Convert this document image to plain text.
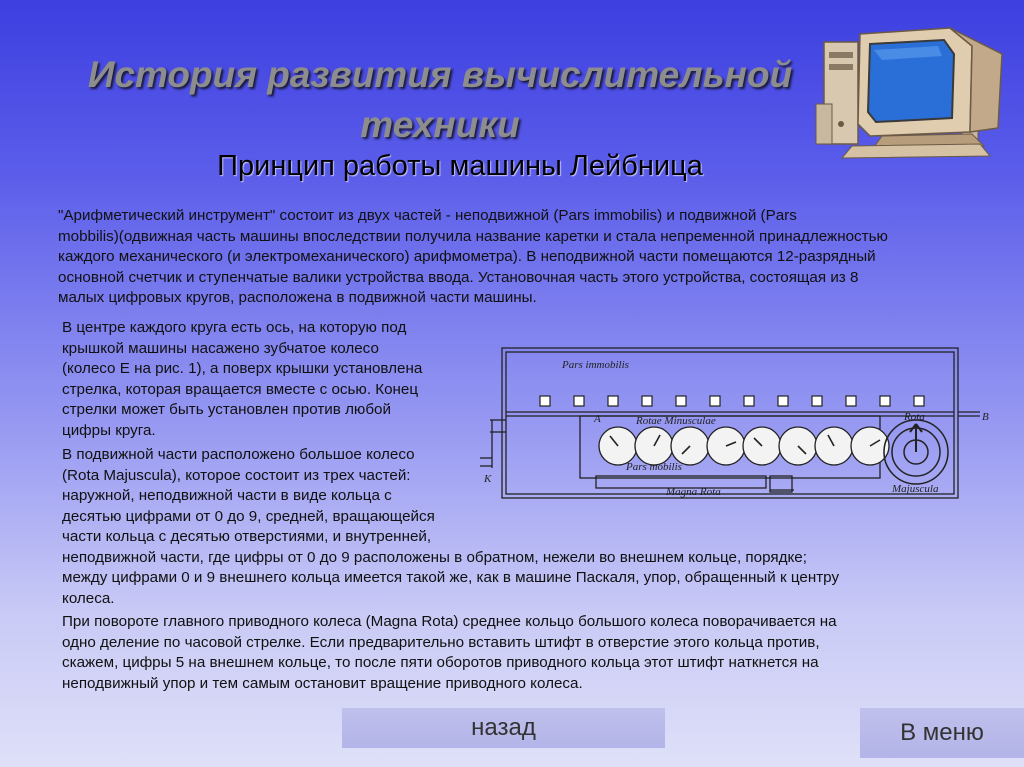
История развития вычислительной
техники
Принцип работы машины Лейбница
"Арифметический инструмент" состоит из двух частей - неподвижной (Pars immobilis) и подвижной (Pars
mobbilis)(одвижная часть машины впоследствии получила название каретки и стала непременной принадлежностью
каждого механического (и электромеханического) арифмометра). В неподвижной части помещаются 12-разрядный
основной счетчик и ступенчатые валики устройства ввода. Установочная часть этого устройства, состоящая из 8
малых цифровых кругов, расположена в подвижной части машины.
В центре каждого круга есть ось, на которую под
крышкой машины насажено зубчатое колесо
(колесо E на рис. 1), а поверх крышки установлена
стрелка, которая вращается вместе с осью. Конец
стрелки может быть установлен против любой
цифры круга.
В подвижной части расположено большое колесо
(Rota Majuscula), которое состоит из трех частей:
наружной, неподвижной части в виде кольца с
десятью цифрами от 0 до 9, средней, вращающейся
части кольца с десятью отверстиями, и внутренней,
неподвижной части, где цифры от 0 до 9 расположены в обратном, нежели во внешнем кольце, порядке;
между цифрами 0 и 9 внешнего кольца имеется такой же, как в машине Паскаля, упор, обращенный к центру
колеса.
При повороте главного приводного колеса (Magna Rota) среднее кольцо большого колеса поворачивается на
одно деление по часовой стрелке. Если предварительно вставить штифт в отверстие этого кольца против,
скажем, цифры 5 на внешнем кольце, то после пяти оборотов приводного кольца этот штифт наткнется на
неподвижный упор и тем самым остановит вращение приводного колеса.
Pars immobilis
Rotae Minusculae
Pars mobilis
Magna Rota
Rota
Majuscula
A	B
K
назад	В меню
